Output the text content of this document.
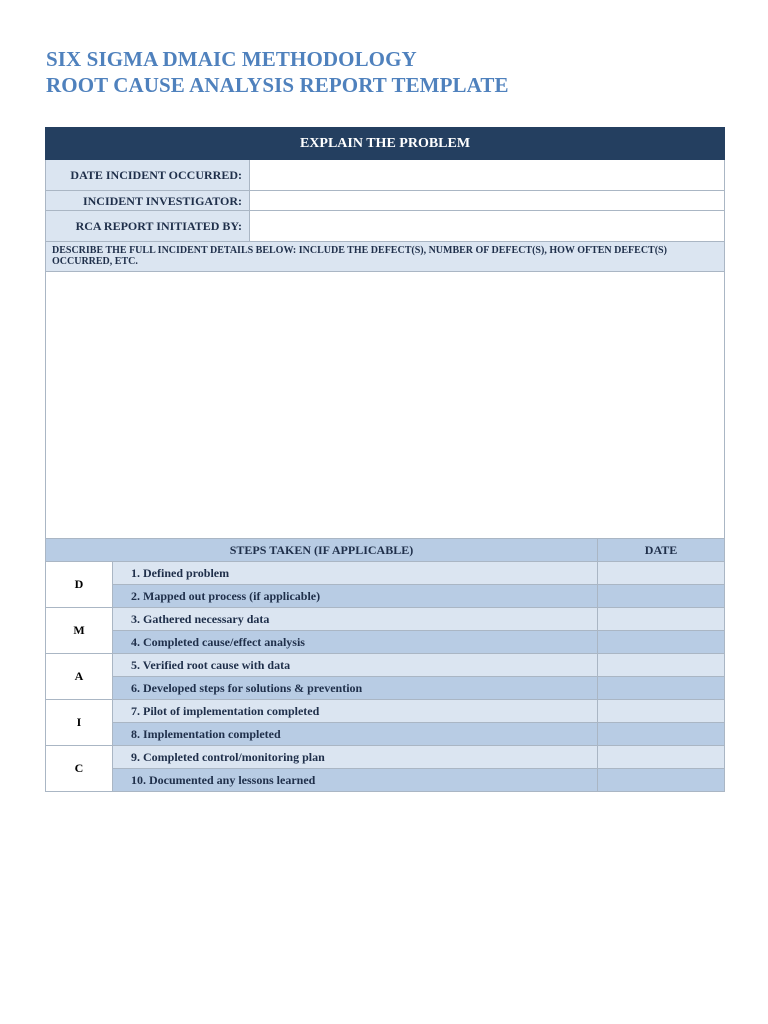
SIX SIGMA DMAIC METHODOLOGY
ROOT CAUSE ANALYSIS REPORT TEMPLATE
EXPLAIN THE PROBLEM			
DATE INCIDENT OCCURRED:			
INCIDENT INVESTIGATOR:			
RCA REPORT INITIATED BY:			
DESCRIBE THE FULL INCIDENT DETAILS BELOW: INCLUDE THE DEFECT(S), NUMBER OF DEFECT(S), HOW OFTEN DEFECT(S) OCCURRED, ETC.			

STEPS TAKEN (IF APPLICABLE)			DATE
D	1. Defined problem		
	2. Mapped out process (if applicable)		
M	3. Gathered necessary data		
	4. Completed cause/effect analysis		
A	5. Verified root cause with data		
	6. Developed steps for solutions & prevention		
I	7. Pilot of implementation completed		
	8. Implementation completed		
C	9. Completed control/monitoring plan		
	10. Documented any lessons learned		
